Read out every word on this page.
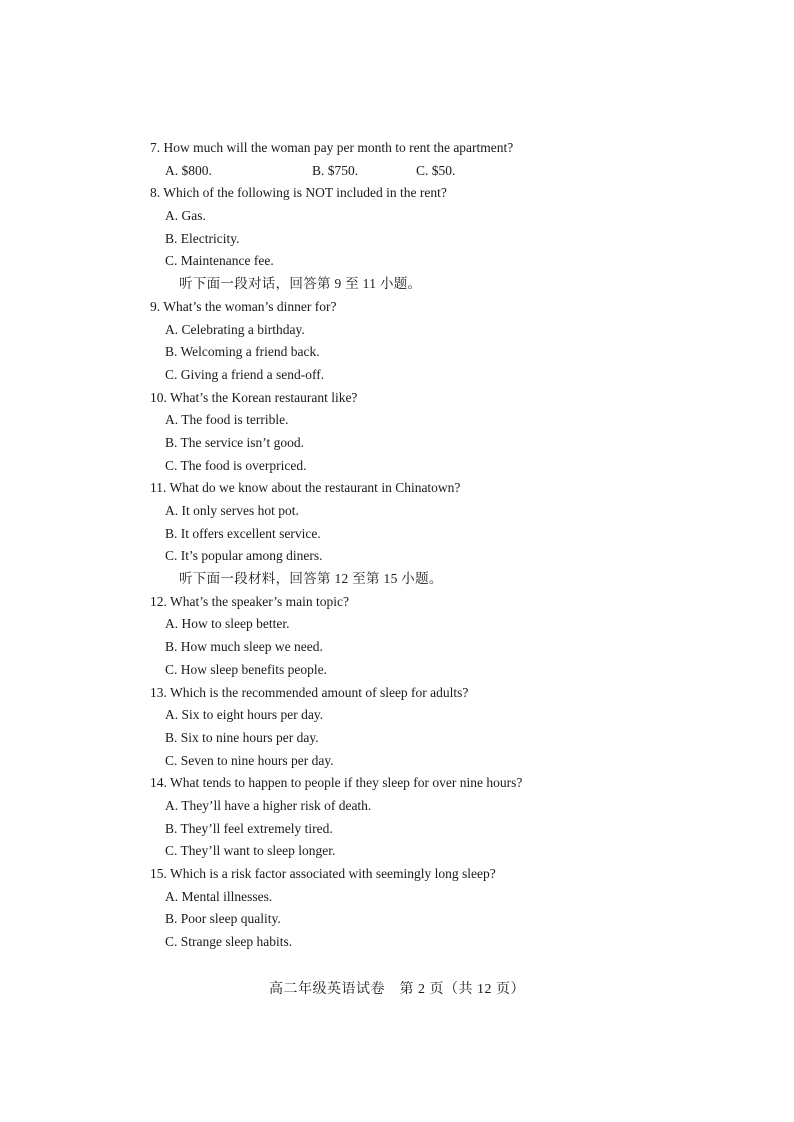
7. How much will the woman pay per month to rent the apartment?
A. $800.	B. $750.	C. $50.
8. Which of the following is NOT included in the rent?
A. Gas.
B. Electricity.
C. Maintenance fee.
听下面一段对话，回答第 9 至 11 小题。
9. What’s the woman’s dinner for?
A. Celebrating a birthday.
B. Welcoming a friend back.
C. Giving a friend a send-off.
10. What’s the Korean restaurant like?
A. The food is terrible.
B. The service isn’t good.
C. The food is overpriced.
11. What do we know about the restaurant in Chinatown?
A. It only serves hot pot.
B. It offers excellent service.
C. It’s popular among diners.
听下面一段材料，回答第 12 至第 15 小题。
12. What’s the speaker’s main topic?
A. How to sleep better.
B. How much sleep we need.
C. How sleep benefits people.
13. Which is the recommended amount of sleep for adults?
A. Six to eight hours per day.
B. Six to nine hours per day.
C. Seven to nine hours per day.
14. What tends to happen to people if they sleep for over nine hours?
A. They’ll have a higher risk of death.
B. They’ll feel extremely tired.
C. They’ll want to sleep longer.
15. Which is a risk factor associated with seemingly long sleep?
A. Mental illnesses.
B. Poor sleep quality.
C. Strange sleep habits.
高二年级英语试卷　第 2 页（共 12 页）
